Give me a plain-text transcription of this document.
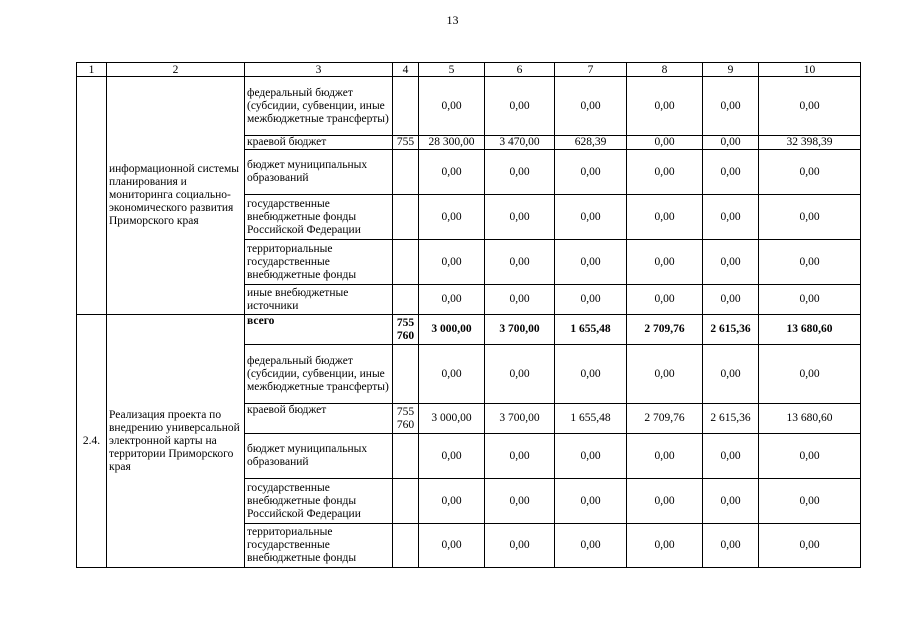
13
1	2	3	4	5	6	7	8	9	10
	информационной системы планирования и мониторинга социально-экономического развития Приморского края	федеральный бюджет (субсидии, субвенции, иные межбюджетные трансферты)		0,00	0,00	0,00	0,00	0,00	0,00
		краевой бюджет	755	28 300,00	3 470,00	628,39	0,00	0,00	32 398,39
		бюджет муниципальных образований		0,00	0,00	0,00	0,00	0,00	0,00
		государственные внебюджетные фонды Российской Федерации		0,00	0,00	0,00	0,00	0,00	0,00
		территориальные государственные внебюджетные фонды		0,00	0,00	0,00	0,00	0,00	0,00
		иные внебюджетные источники		0,00	0,00	0,00	0,00	0,00	0,00
2.4.	Реализация проекта по внедрению универсальной электронной карты на территории Приморского края	всего	755 760	3 000,00	3 700,00	1 655,48	2 709,76	2 615,36	13 680,60
		федеральный бюджет (субсидии, субвенции, иные межбюджетные трансферты)		0,00	0,00	0,00	0,00	0,00	0,00
		краевой бюджет	755 760	3 000,00	3 700,00	1 655,48	2 709,76	2 615,36	13 680,60
		бюджет муниципальных образований		0,00	0,00	0,00	0,00	0,00	0,00
		государственные внебюджетные фонды Российской Федерации		0,00	0,00	0,00	0,00	0,00	0,00
		территориальные государственные внебюджетные фонды		0,00	0,00	0,00	0,00	0,00	0,00
